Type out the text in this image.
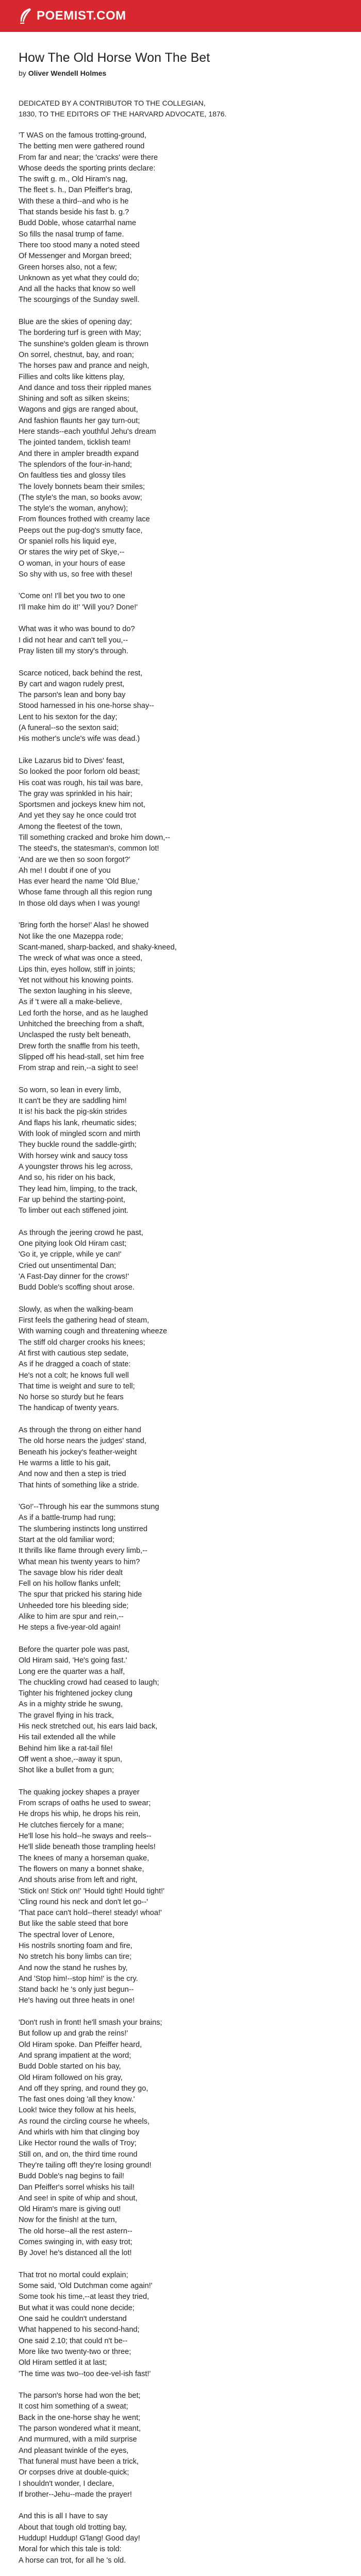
POEMIST.COM
How The Old Horse Won The Bet
by Oliver Wendell Holmes
DEDICATED BY A CONTRIBUTOR TO THE COLLEGIAN,
1830, TO THE EDITORS OF THE HARVARD ADVOCATE, 1876.

'T WAS on the famous trotting-ground,
The betting men were gathered round
From far and near; the 'cracks' were there
Whose deeds the sporting prints declare:
The swift g. m., Old Hiram's nag,
The fleet s. h., Dan Pfeiffer's brag,
With these a third--and who is he
That stands beside his fast b. g.?
Budd Doble, whose catarrhal name
So fills the nasal trump of fame.
There too stood many a noted steed
Of Messenger and Morgan breed;
Green horses also, not a few;
Unknown as yet what they could do;
And all the hacks that know so well
The scourgings of the Sunday swell.

Blue are the skies of opening day;
The bordering turf is green with May;
The sunshine's golden gleam is thrown
On sorrel, chestnut, bay, and roan;
The horses paw and prance and neigh,
Fillies and colts like kittens play,
And dance and toss their rippled manes
Shining and soft as silken skeins;
Wagons and gigs are ranged about,
And fashion flaunts her gay turn-out;
Here stands--each youthful Jehu's dream
The jointed tandem, ticklish team!
And there in ampler breadth expand
The splendors of the four-in-hand;
On faultless ties and glossy tiles
The lovely bonnets beam their smiles;
(The style's the man, so books avow;
The style's the woman, anyhow);
From flounces frothed with creamy lace
Peeps out the pug-dog's smutty face,
Or spaniel rolls his liquid eye,
Or stares the wiry pet of Skye,--
O woman, in your hours of ease
So shy with us, so free with these!

'Come on! I'll bet you two to one
I'll make him do it!' 'Will you? Done!'

What was it who was bound to do?
I did not hear and can't tell you,--
Pray listen till my story's through.

Scarce noticed, back behind the rest,
By cart and wagon rudely prest,
The parson's lean and bony bay
Stood harnessed in his one-horse shay--
Lent to his sexton for the day;
(A funeral--so the sexton said;
His mother's uncle's wife was dead.)

Like Lazarus bid to Dives' feast,
So looked the poor forlorn old beast;
His coat was rough, his tail was bare,
The gray was sprinkled in his hair;
Sportsmen and jockeys knew him not,
And yet they say he once could trot
Among the fleetest of the town,
Till something cracked and broke him down,--
The steed's, the statesman's, common lot!
'And are we then so soon forgot?'
Ah me! I doubt if one of you
Has ever heard the name 'Old Blue,'
Whose fame through all this region rung
In those old days when I was young!

'Bring forth the horse!' Alas! he showed
Not like the one Mazeppa rode;
Scant-maned, sharp-backed, and shaky-kneed,
The wreck of what was once a steed,
Lips thin, eyes hollow, stiff in joints;
Yet not without his knowing points.
The sexton laughing in his sleeve,
As if 't were all a make-believe,
Led forth the horse, and as he laughed
Unhitched the breeching from a shaft,
Unclasped the rusty belt beneath,
Drew forth the snaffle from his teeth,
Slipped off his head-stall, set him free
From strap and rein,--a sight to see!

So worn, so lean in every limb,
It can't be they are saddling him!
It is! his back the pig-skin strides
And flaps his lank, rheumatic sides;
With look of mingled scorn and mirth
They buckle round the saddle-girth;
With horsey wink and saucy toss
A youngster throws his leg across,
And so, his rider on his back,
They lead him, limping, to the track,
Far up behind the starting-point,
To limber out each stiffened joint.

As through the jeering crowd he past,
One pitying look Old Hiram cast;
'Go it, ye cripple, while ye can!'
Cried out unsentimental Dan;
'A Fast-Day dinner for the crows!'
Budd Doble's scoffing shout arose.

Slowly, as when the walking-beam
First feels the gathering head of steam,
With warning cough and threatening wheeze
The stiff old charger crooks his knees;
At first with cautious step sedate,
As if he dragged a coach of state:
He's not a colt; he knows full well
That time is weight and sure to tell;
No horse so sturdy but he fears
The handicap of twenty years.

As through the throng on either hand
The old horse nears the judges' stand,
Beneath his jockey's feather-weight
He warms a little to his gait,
And now and then a step is tried
That hints of something like a stride.

'Go!'--Through his ear the summons stung
As if a battle-trump had rung;
The slumbering instincts long unstirred
Start at the old familiar word;
It thrills like flame through every limb,--
What mean his twenty years to him?
The savage blow his rider dealt
Fell on his hollow flanks unfelt;
The spur that pricked his staring hide
Unheeded tore his bleeding side;
Alike to him are spur and rein,--
He steps a five-year-old again!

Before the quarter pole was past,
Old Hiram said, 'He's going fast.'
Long ere the quarter was a half,
The chuckling crowd had ceased to laugh;
Tighter his frightened jockey clung
As in a mighty stride he swung,
The gravel flying in his track,
His neck stretched out, his ears laid back,
His tail extended all the while
Behind him like a rat-tail file!
Off went a shoe,--away it spun,
Shot like a bullet from a gun;

The quaking jockey shapes a prayer
From scraps of oaths he used to swear;
He drops his whip, he drops his rein,
He clutches fiercely for a mane;
He'll lose his hold--he sways and reels--
He'll slide beneath those trampling heels!
The knees of many a horseman quake,
The flowers on many a bonnet shake,
And shouts arise from left and right,
'Stick on! Stick on!' 'Hould tight! Hould tight!'
'Cling round his neck and don't let go--'
'That pace can't hold--there! steady! whoa!'
But like the sable steed that bore
The spectral lover of Lenore,
His nostrils snorting foam and fire,
No stretch his bony limbs can tire;
And now the stand he rushes by,
And 'Stop him!--stop him!' is the cry.
Stand back! he 's only just begun--
He's having out three heats in one!

'Don't rush in front! he'll smash your brains;
But follow up and grab the reins!'
Old Hiram spoke. Dan Pfeiffer heard,
And sprang impatient at the word;
Budd Doble started on his bay,
Old Hiram followed on his gray,
And off they spring, and round they go,
The fast ones doing 'all they know.'
Look! twice they follow at his heels,
As round the circling course he wheels,
And whirls with him that clinging boy
Like Hector round the walls of Troy;
Still on, and on, the third time round
They're tailing off! they're losing ground!
Budd Doble's nag begins to fail!
Dan Pfeiffer's sorrel whisks his tail!
And see! in spite of whip and shout,
Old Hiram's mare is giving out!
Now for the finish! at the turn,
The old horse--all the rest astern--
Comes swinging in, with easy trot;
By Jove! he's distanced all the lot!

That trot no mortal could explain;
Some said, 'Old Dutchman come again!'
Some took his time,--at least they tried,
But what it was could none decide;
One said he couldn't understand
What happened to his second-hand;
One said 2.10; that could n't be--
More like two twenty-two or three;
Old Hiram settled it at last;
'The time was two--too dee-vel-ish fast!'

The parson's horse had won the bet;
It cost him something of a sweat;
Back in the one-horse shay he went;
The parson wondered what it meant,
And murmured, with a mild surprise
And pleasant twinkle of the eyes,
That funeral must have been a trick,
Or corpses drive at double-quick;
I shouldn't wonder, I declare,
If brother--Jehu--made the prayer!

And this is all I have to say
About that tough old trotting bay,
Huddup! Huddup! G'lang! Good day!
Moral for which this tale is told:
A horse can trot, for all he 's old.
